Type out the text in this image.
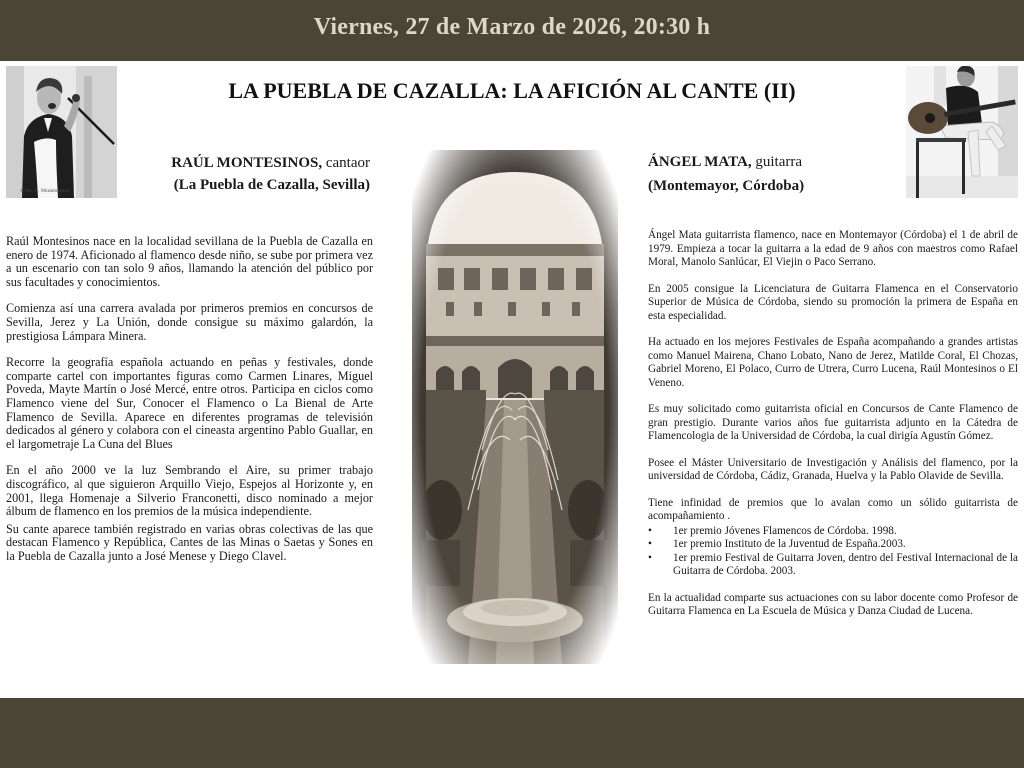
Viernes, 27 de Marzo de 2026, 20:30 h
LA PUEBLA DE CAZALLA: LA AFICIÓN AL CANTE (II)
©lle. L. Montesinos
RAÚL MONTESINOS, cantaor
(La Puebla de Cazalla, Sevilla)
ÁNGEL MATA, guitarra
(Montemayor, Córdoba)

Raúl Montesinos nace en la localidad sevillana de la Puebla de Cazalla en enero de 1974. Aficionado al flamenco desde niño, se sube por primera vez a un escenario con tan solo 9 años, llamando la atención del público por sus facultades y conocimientos.

Comienza así una carrera avalada por primeros premios en concursos de Sevilla, Jerez y La Unión, donde consigue su máximo galardón, la prestigiosa Lámpara Minera.

Recorre la geografía española actuando en peñas y festivales, donde comparte cartel con importantes figuras como Carmen Linares, Miguel Poveda, Mayte Martín o José Mercé, entre otros. Participa en ciclos como Flamenco viene del Sur, Conocer el Flamenco o La Bienal de Arte Flamenco de Sevilla. Aparece en diferentes programas de televisión dedicados al género y colabora con el cineasta argentino Pablo Guallar, en el largometraje La Cuna del Blues

En el año 2000 ve la luz Sembrando el Aire, su primer trabajo discográfico, al que siguieron Arquillo Viejo, Espejos al Horizonte y, en 2001, llega Homenaje a Silverio Franconetti, disco nominado a mejor álbum de flamenco en los premios de la música independiente.

Su cante aparece también registrado en varias obras colectivas de las que destacan Flamenco y República, Cantes de las Minas o Saetas y Sones en la Puebla de Cazalla junto a José Menese y Diego Clavel.

Ángel Mata guitarrista flamenco, nace en Montemayor (Córdoba) el 1 de abril de 1979. Empieza a tocar la guitarra a la edad de 9 años con maestros como Rafael Moral, Manolo Sanlúcar, El Viejin o Paco Serrano.

En 2005 consigue la Licenciatura de Guitarra Flamenca en el Conservatorio Superior de Música de Córdoba, siendo su promoción la primera de España en esta especialidad.

Ha actuado en los mejores Festivales de España acompañando a grandes artistas como Manuel Mairena, Chano Lobato, Nano de Jerez, Matilde Coral, El Chozas, Gabriel Moreno, El Polaco, Curro de Utrera, Curro Lucena, Raúl Montesinos o El Veneno.

Es muy solicitado como guitarrista oficial en Concursos de Cante Flamenco de gran prestigio. Durante varios años fue guitarrista adjunto en la Cátedra de Flamencologia de la Universidad de Córdoba, la cual dirigía Agustín Gómez.

Posee el Máster Universitario de Investigación y Análisis del flamenco, por la universidad de Córdoba, Cádiz, Granada, Huelva y la Pablo Olavide de Sevilla.

Tiene infinidad de premios que lo avalan como un sólido guitarrista de acompañamiento .

• 1er premio Jóvenes Flamencos de Córdoba. 1998.
• 1er premio Instituto de la Juventud de España.2003.
• 1er premio Festival de Guitarra Joven, dentro del Festival Internacional de la Guitarra de Córdoba. 2003.

En la actualidad comparte sus actuaciones con su labor docente como Profesor de Guitarra Flamenca en La Escuela de Música y Danza Ciudad de Lucena.
